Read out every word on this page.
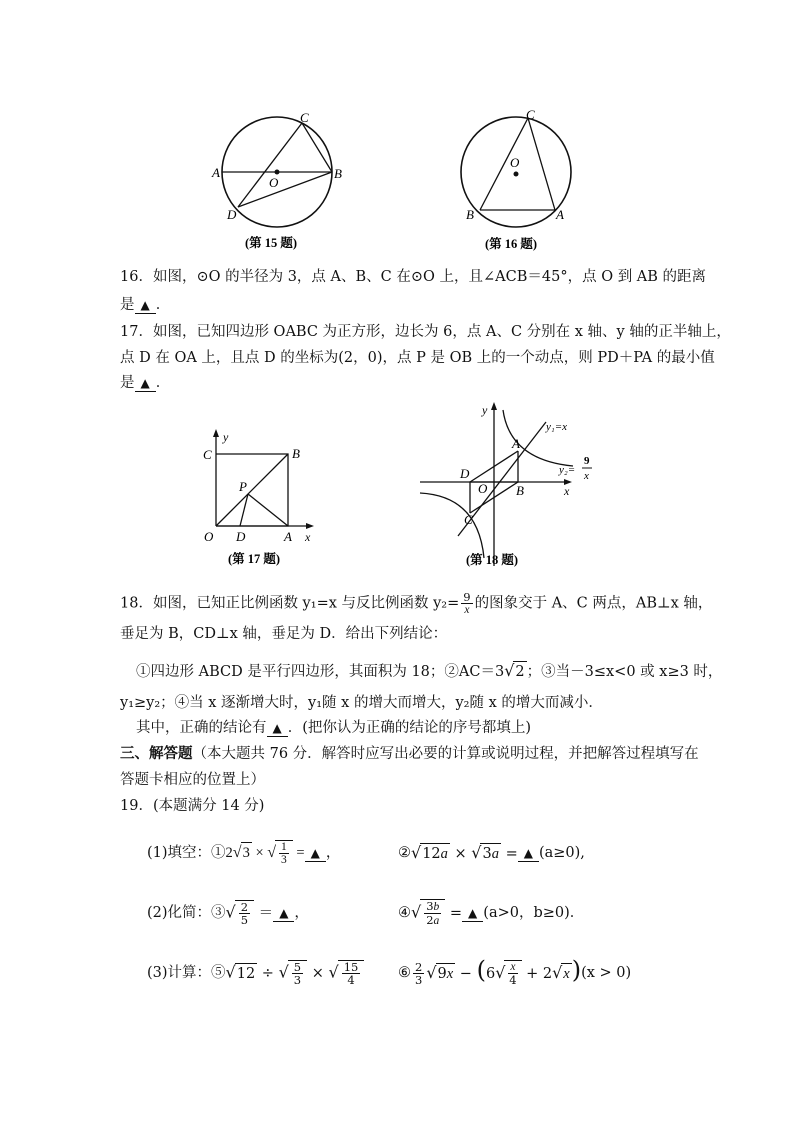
C
A	B
O
D
(第 15 题)
C
O
B	A
(第 16 题)
16．如图，⊙O 的半径为 3，点 A、B、C 在⊙O 上，且∠ACB＝45°，点 O 到 AB 的距离
是 ▲ ．
17．如图，已知四边形 OABC 为正方形，边长为 6，点 A、C 分别在 x 轴、y 轴的正半轴上，
点 D 在 OA 上，且点 D 的坐标为(2，0)，点 P 是 OB 上的一个动点，则 PD＋PA 的最小值
是 ▲ ．
y
C	B
P
O D	A x
(第 17 题)
y
y₁=x
A
y₂=
9
x
D
O B	x
C
(第 18 题)
18．如图，已知正比例函数 y₁=x 与反比例函数 $y_2= \frac{9}{x}$ 的图象交于 A、C 两点，AB⊥x 轴，
垂足为 B，CD⊥x 轴，垂足为 D．给出下列结论：
①四边形 ABCD 是平行四边形，其面积为 18；②AC＝3√2 ；③当－3≤x<0 或 x≥3 时，
y₁≥y₂；④当 x 逐渐增大时，y₁随 x 的增大而增大，y₂随 x 的增大而减小．
其中，正确的结论有 ▲ ．(把你认为正确的结论的序号都填上)
三、解答题（本大题共 76 分．解答时应写出必要的计算或说明过程，并把解答过程填写在
答题卡相应的位置上）
19．(本题满分 14 分)
(1)填空：① 2√3 × √ $\frac{1}{3}$ = ▲ ，	② √12a × √3a = ▲ (a≥0),
(2)化简：③ √ $\frac{2}{5}$ ＝ ▲ ，	④ √ $\frac{3b}{2a}$ = ▲ (a>0，b≥0)．
(3)计算：⑤ √12 ÷ √ $\frac{5}{3}$ × √ $\frac{15}{4}$	⑥ $\frac{2}{3} √9x - (6√ \frac{x}{4} + 2√x) (x > 0)$
